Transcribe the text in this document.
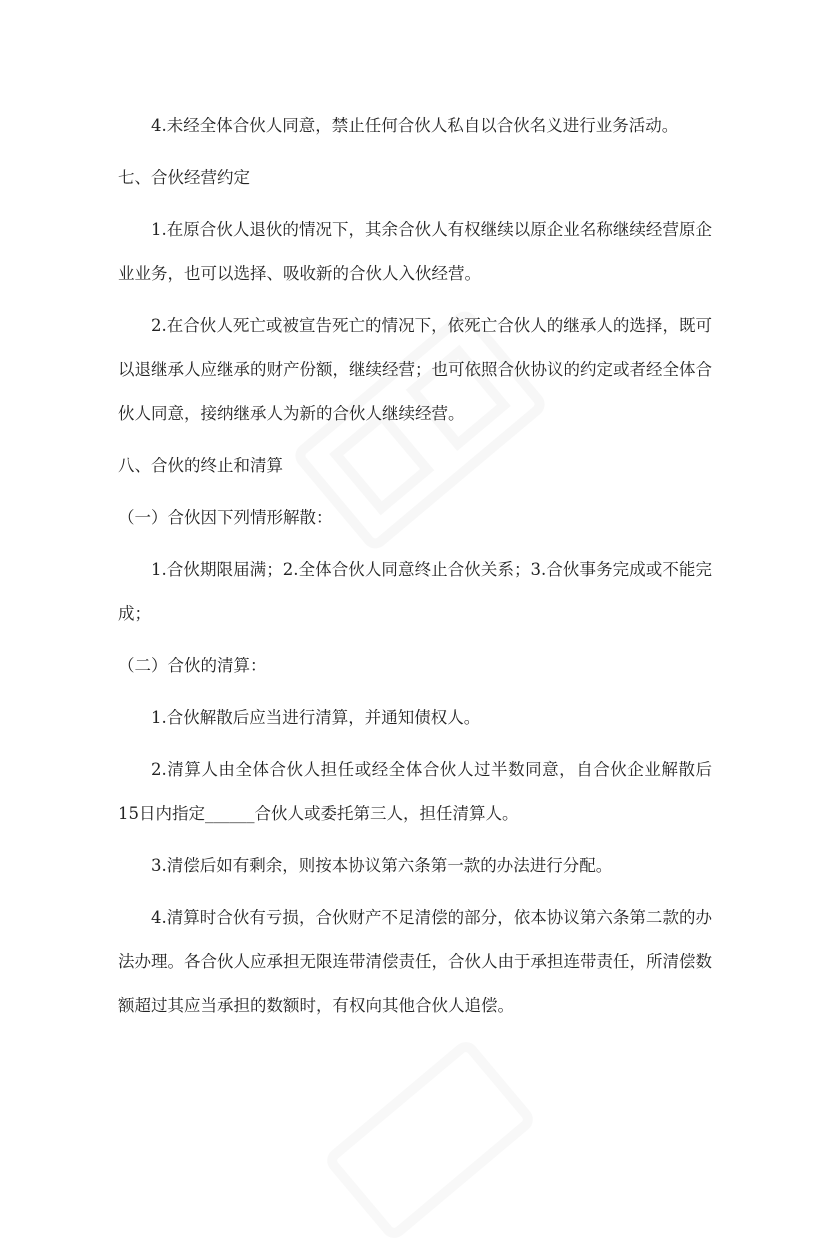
4.未经全体合伙人同意，禁止任何合伙人私自以合伙名义进行业务活动。

七、合伙经营约定

1.在原合伙人退伙的情况下，其余合伙人有权继续以原企业名称继续经营原企业业务，也可以选择、吸收新的合伙人入伙经营。

2.在合伙人死亡或被宣告死亡的情况下，依死亡合伙人的继承人的选择，既可以退继承人应继承的财产份额，继续经营；也可依照合伙协议的约定或者经全体合伙人同意，接纳继承人为新的合伙人继续经营。

八、合伙的终止和清算

（一）合伙因下列情形解散：

1.合伙期限届满；2.全体合伙人同意终止合伙关系；3.合伙事务完成或不能完成；

（二）合伙的清算：

1.合伙解散后应当进行清算，并通知债权人。

2.清算人由全体合伙人担任或经全体合伙人过半数同意，自合伙企业解散后15日内指定______合伙人或委托第三人，担任清算人。

3.清偿后如有剩余，则按本协议第六条第一款的办法进行分配。

4.清算时合伙有亏损，合伙财产不足清偿的部分，依本协议第六条第二款的办法办理。各合伙人应承担无限连带清偿责任，合伙人由于承担连带责任，所清偿数额超过其应当承担的数额时，有权向其他合伙人追偿。
